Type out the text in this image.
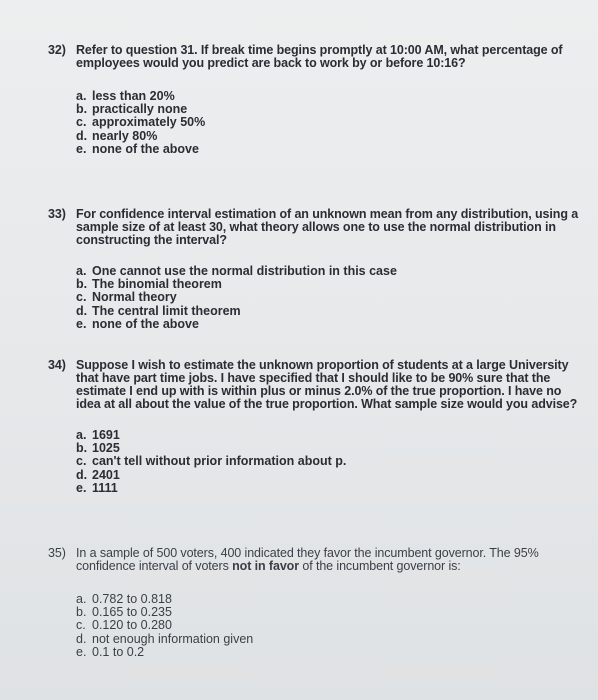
32) Refer to question 31. If break time begins promptly at 10:00 AM, what percentage of employees would you predict are back to work by or before 10:16?
a. less than 20%
b. practically none
c. approximately 50%
d. nearly 80%
e. none of the above
33) For confidence interval estimation of an unknown mean from any distribution, using a sample size of at least 30, what theory allows one to use the normal distribution in constructing the interval?
a. One cannot use the normal distribution in this case
b. The binomial theorem
c. Normal theory
d. The central limit theorem
e. none of the above
34) Suppose I wish to estimate the unknown proportion of students at a large University that have part time jobs. I have specified that I should like to be 90% sure that the estimate I end up with is within plus or minus 2.0% of the true proportion. I have no idea at all about the value of the true proportion. What sample size would you advise?
a. 1691
b. 1025
c. can't tell without prior information about p.
d. 2401
e. 1111
35) In a sample of 500 voters, 400 indicated they favor the incumbent governor. The 95% confidence interval of voters not in favor of the incumbent governor is:
a. 0.782 to 0.818
b. 0.165 to 0.235
c. 0.120 to 0.280
d. not enough information given
e. 0.1 to 0.2
